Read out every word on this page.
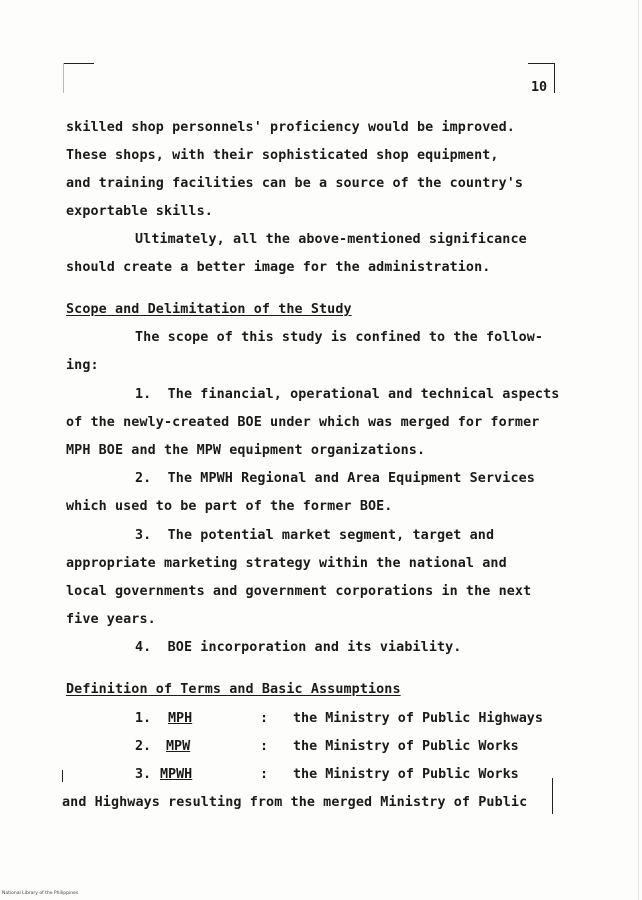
10
skilled shop personnels' proficiency would be improved.
These shops, with their sophisticated shop equipment,
and training facilities can be a source of the country's
exportable skills.
Ultimately, all the above-mentioned significance
should create a better image for the administration.
Scope and Delimitation of the Study
The scope of this study is confined to the follow-
ing:
1.  The financial, operational and technical aspects
of the newly-created BOE under which was merged for former
MPH BOE and the MPW equipment organizations.
2.  The MPWH Regional and Area Equipment Services
which used to be part of the former BOE.
3.  The potential market segment, target and
appropriate marketing strategy within the national and
local governments and government corporations in the next
five years.
4.  BOE incorporation and its viability.
Definition of Terms and Basic Assumptions
1. MPH	: the Ministry of Public Highways
2. MPW	: the Ministry of Public Works
3. MPWH	: the Ministry of Public Works
and Highways resulting from the merged Ministry of Public
National Library of the Philippines
